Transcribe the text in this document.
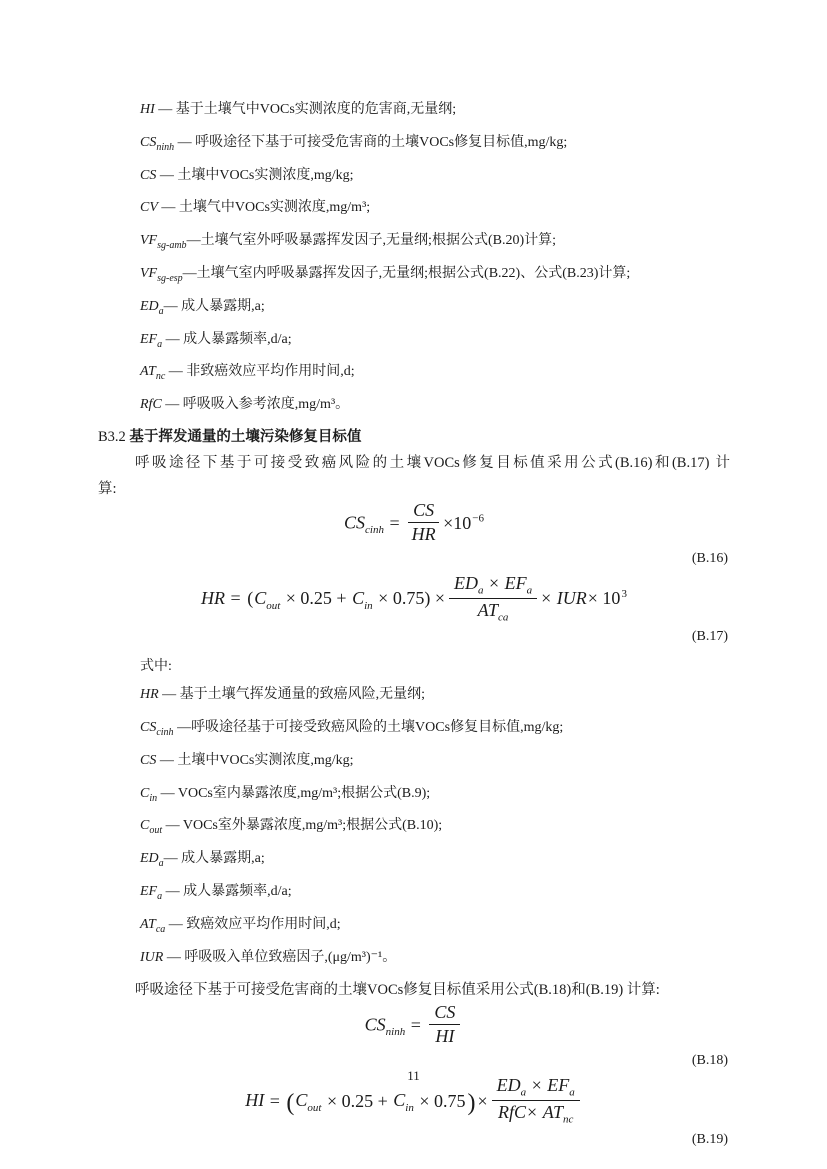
HI — 基于土壤气中VOCs实测浓度的危害商,无量纲;

$CS_{ninh}$ — 呼吸途径下基于可接受危害商的土壤VOCs修复目标值,mg/kg;

CS — 土壤中VOCs实测浓度,mg/kg;

CV — 土壤气中VOCs实测浓度,mg/m³;

$VF_{sg-amb}—$土壤气室外呼吸暴露挥发因子,无量纲;根据公式(B.20)计算;

$VF_{sg-esp}—$土壤气室内呼吸暴露挥发因子,无量纲;根据公式(B.22)、公式(B.23)计算;

$ED_a—$ 成人暴露期,a;

$EF_a$ — 成人暴露频率,d/a;

$AT_{nc}$ — 非致癌效应平均作用时间,d;

RfC — 呼吸吸入参考浓度,mg/m³。

B3.2 基于挥发通量的土壤污染修复目标值

呼吸途径下基于可接受致癌风险的土壤VOCs修复目标值采用公式(B.16)和(B.17) 计

算:

$CS_{cinh} = \frac{CS}{HR} \times 10^{-6}$
(B.16)
HR = $(C_{out} \times 0.25 + C_{in} \times 0.75) \times \frac{ED_a \times EF_a}{AT_{ca}} \times IUR\times 10^3$
(B.17)

式中:

HR — 基于土壤气挥发通量的致癌风险,无量纲;

$CS_{cinh}$ —呼吸途径基于可接受致癌风险的土壤VOCs修复目标值,mg/kg;

CS — 土壤中VOCs实测浓度,mg/kg;

$C_{in}$ — VOCs室内暴露浓度,mg/m³;根据公式(B.9);

$C_{out}$ — VOCs室外暴露浓度,mg/m³;根据公式(B.10);

$ED_a—$ 成人暴露期,a;

$EF_a$ — 成人暴露频率,d/a;

$AT_{ca}$ — 致癌效应平均作用时间,d;

IUR — 呼吸吸入单位致癌因子,(μg/m³)⁻¹。

呼吸途径下基于可接受危害商的土壤VOCs修复目标值采用公式(B.18)和(B.19) 计算:

$CS_{ninh} = \frac{CS}{HI}$
(B.18)
HI = $(C_{out} \times 0.25 + C_{in} \times 0.75) \times \frac{ED_a \times EF_a}{RfC\times AT_{nc}}$
(B.19)
11
